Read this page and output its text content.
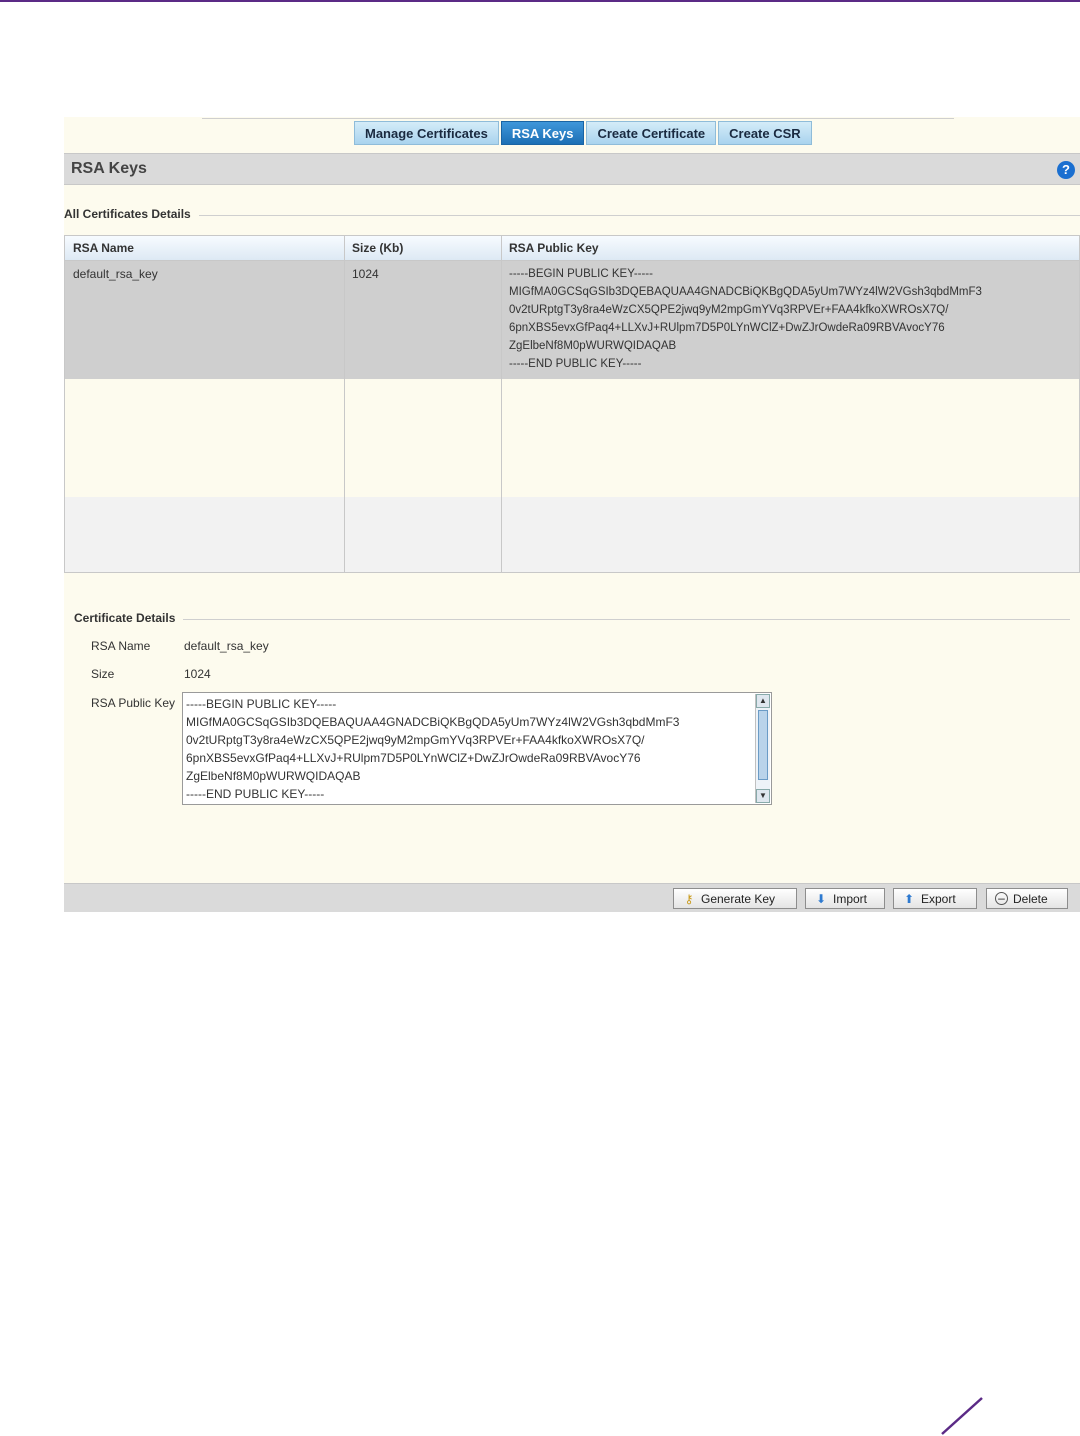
Manage Certificates	RSA Keys	Create Certificate	Create CSR
RSA Keys	?
All Certificates Details
RSA Name	Size (Kb)	RSA Public Key
default_rsa_key	1024	-----BEGIN PUBLIC KEY-----
MIGfMA0GCSqGSIb3DQEBAQUAA4GNADCBiQKBgQDA5yUm7WYz4lW2VGsh3qbdMmF3
0v2tURptgT3y8ra4eWzCX5QPE2jwq9yM2mpGmYVq3RPVEr+FAA4kfkoXWROsX7Q/
6pnXBS5evxGfPaq4+LLXvJ+RUlpm7D5P0LYnWClZ+DwZJrOwdeRa09RBVAvocY76
ZgElbeNf8M0pWURWQIDAQAB
-----END PUBLIC KEY-----
Certificate Details
RSA Name	default_rsa_key
Size	1024
RSA Public Key -----BEGIN PUBLIC KEY-----
MIGfMA0GCSqGSIb3DQEBAQUAA4GNADCBiQKBgQDA5yUm7WYz4lW2VGsh3qbdMmF3
0v2tURptgT3y8ra4eWzCX5QPE2jwq9yM2mpGmYVq3RPVEr+FAA4kfkoXWROsX7Q/
6pnXBS5evxGfPaq4+LLXvJ+RUlpm7D5P0LYnWClZ+DwZJrOwdeRa09RBVAvocY76
ZgElbeNf8M0pWURWQIDAQAB
-----END PUBLIC KEY-----
▲
▼
⚷ Generate Key	⬇ Import	⬆ Export	– Delete
